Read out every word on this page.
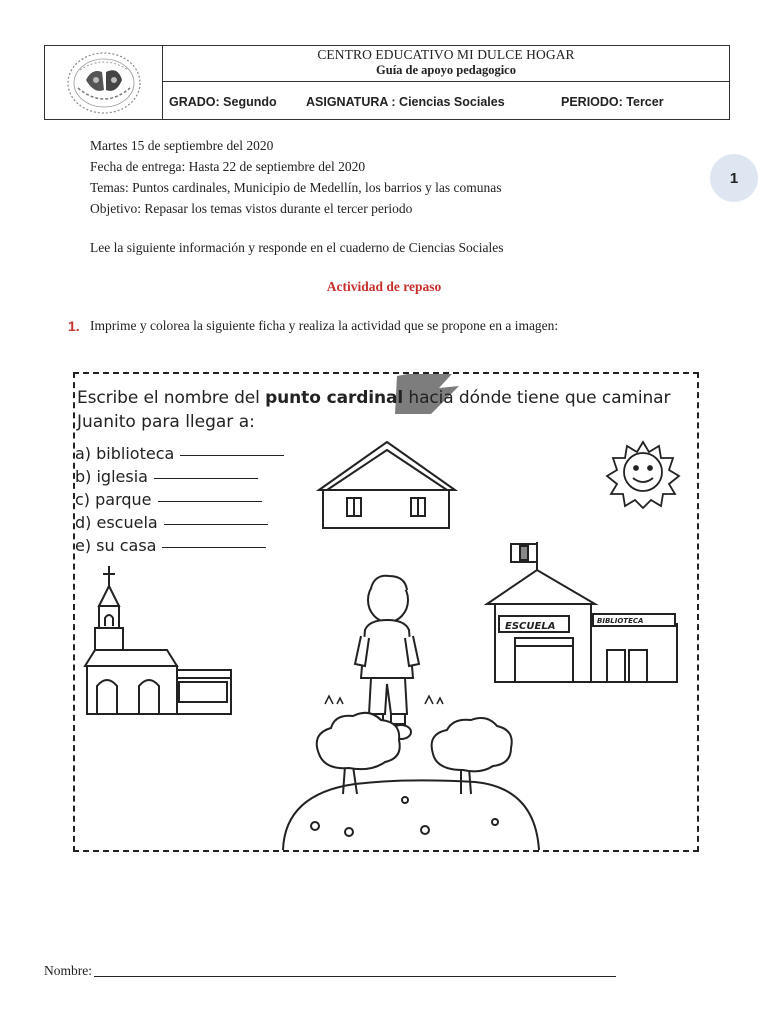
CENTRO EDUCATIVO MI DULCE HOGAR
Guía de apoyo pedagogico
GRADO: Segundo ASIGNATURA : Ciencias Sociales	PERIODO: Tercer
Martes 15 de septiembre del 2020
Fecha de entrega: Hasta 22 de septiembre del 2020
Temas: Puntos cardinales, Municipio de Medellín, los barrios y las comunas
Objetivo: Repasar los temas vistos durante el tercer periodo
Lee la siguiente información y responde en el cuaderno de Ciencias Sociales
1
Actividad de repaso
1. Imprime y colorea la siguiente ficha y realiza la actividad que se propone en a imagen:
ESCUELA	BIBLIOTECA
Escribe el nombre del punto cardinal hacia dónde tiene que caminar
Juanito para llegar a:
a) biblioteca
b) iglesia
c) parque
d) escuela
e) su casa
Nombre:
